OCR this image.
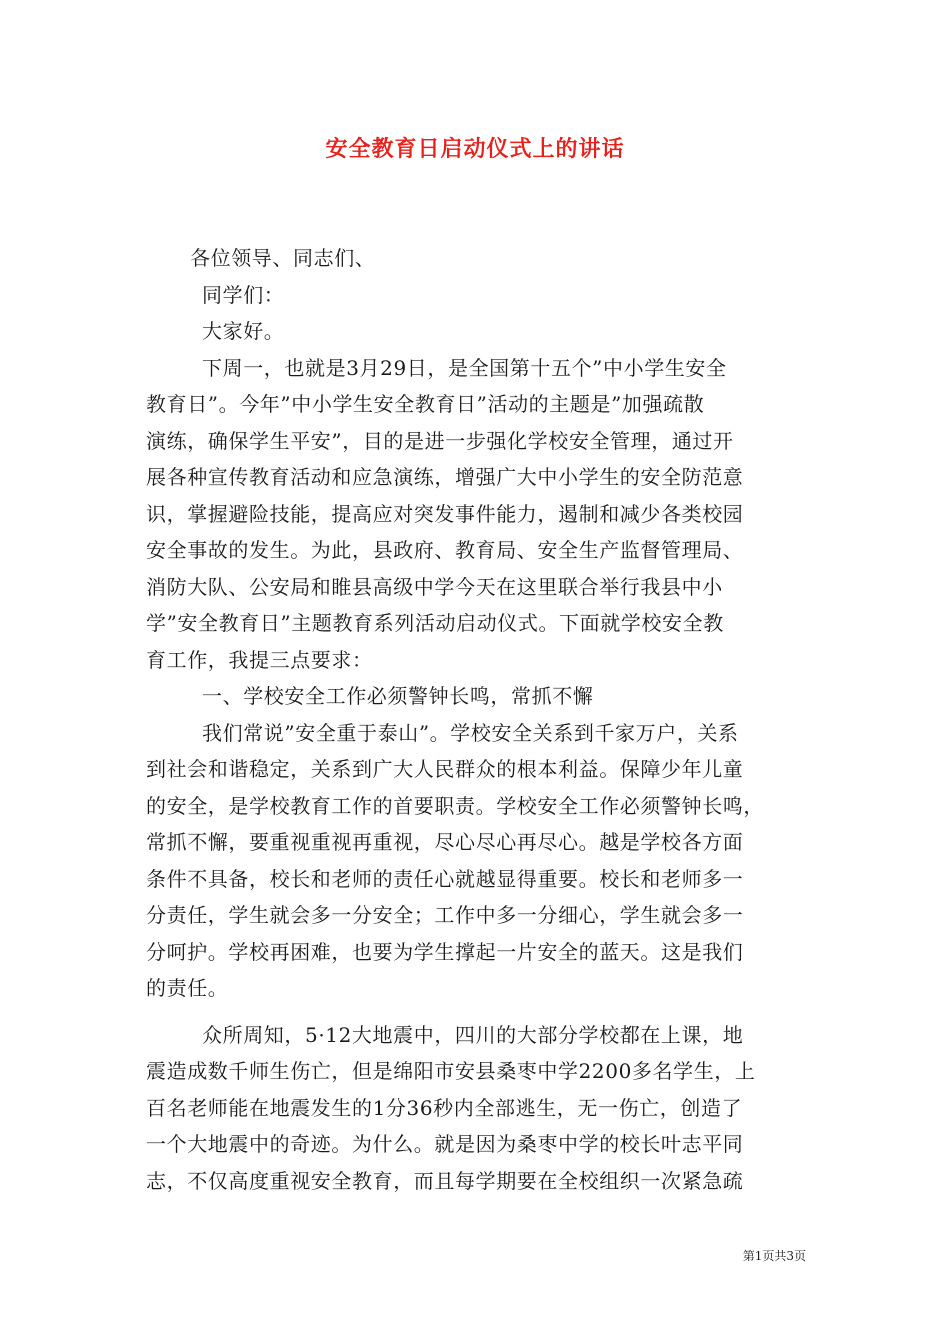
安全教育日启动仪式上的讲话
各位领导、同志们、
同学们：
大家好。
下周一，也就是3月29日，是全国第十五个”中小学生安全
教育日”。今年”中小学生安全教育日”活动的主题是”加强疏散
演练，确保学生平安”，目的是进一步强化学校安全管理，通过开
展各种宣传教育活动和应急演练，增强广大中小学生的安全防范意
识，掌握避险技能，提高应对突发事件能力，遏制和减少各类校园
安全事故的发生。为此，县政府、教育局、安全生产监督管理局、
消防大队、公安局和睢县高级中学今天在这里联合举行我县中小
学”安全教育日”主题教育系列活动启动仪式。下面就学校安全教
育工作，我提三点要求：
一、学校安全工作必须警钟长鸣，常抓不懈
我们常说”安全重于泰山”。学校安全关系到千家万户，关系
到社会和谐稳定，关系到广大人民群众的根本利益。保障少年儿童
的安全，是学校教育工作的首要职责。学校安全工作必须警钟长鸣，
常抓不懈，要重视重视再重视，尽心尽心再尽心。越是学校各方面
条件不具备，校长和老师的责任心就越显得重要。校长和老师多一
分责任，学生就会多一分安全；工作中多一分细心，学生就会多一
分呵护。学校再困难，也要为学生撑起一片安全的蓝天。这是我们
的责任。
众所周知，5·12大地震中，四川的大部分学校都在上课，地
震造成数千师生伤亡，但是绵阳市安县桑枣中学2200多名学生，上
百名老师能在地震发生的1分36秒内全部逃生，无一伤亡，创造了
一个大地震中的奇迹。为什么。就是因为桑枣中学的校长叶志平同
志，不仅高度重视安全教育，而且每学期要在全校组织一次紧急疏
第1页共3页
